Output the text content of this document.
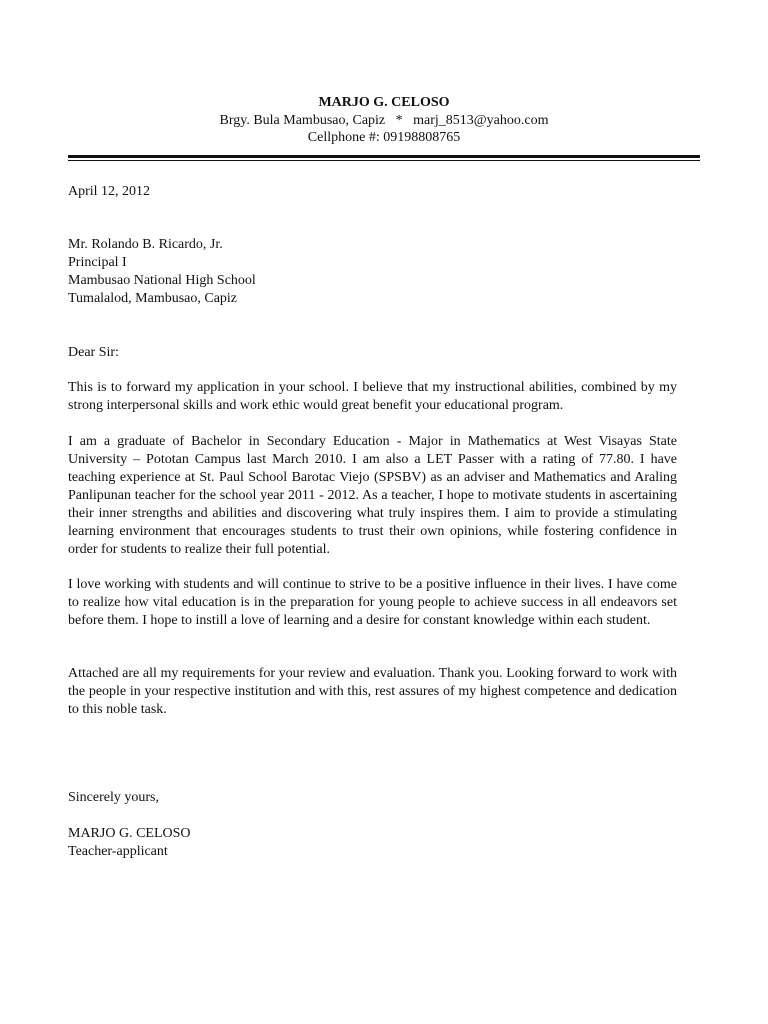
MARJO G. CELOSO
Brgy. Bula Mambusao, Capiz   *   marj_8513@yahoo.com
Cellphone #: 09198808765
April 12, 2012
Mr. Rolando B. Ricardo, Jr.
Principal I
Mambusao National High School
Tumalalod, Mambusao, Capiz
Dear Sir:

This is to forward my application in your school. I believe that my instructional abilities, combined by my strong interpersonal skills and work ethic would great benefit your educational program.

I am a graduate of Bachelor in Secondary Education - Major in Mathematics at West Visayas State University – Pototan Campus last March 2010. I am also a LET Passer with a rating of 77.80. I have teaching experience at St. Paul School Barotac Viejo (SPSBV) as an adviser and Mathematics and Araling Panlipunan teacher for the school year 2011 - 2012. As a teacher, I hope to motivate students in ascertaining their inner strengths and abilities and discovering what truly inspires them. I aim to provide a stimulating learning environment that encourages students to trust their own opinions, while fostering confidence in order for students to realize their full potential.

I love working with students and will continue to strive to be a positive influence in their lives. I have come to realize how vital education is in the preparation for young people to achieve success in all endeavors set before them. I hope to instill a love of learning and a desire for constant knowledge within each student.

Attached are all my requirements for your review and evaluation. Thank you. Looking forward to work with the people in your respective institution and with this, rest assures of my highest competence and dedication to this noble task.

Sincerely yours,
MARJO G. CELOSO
Teacher-applicant
